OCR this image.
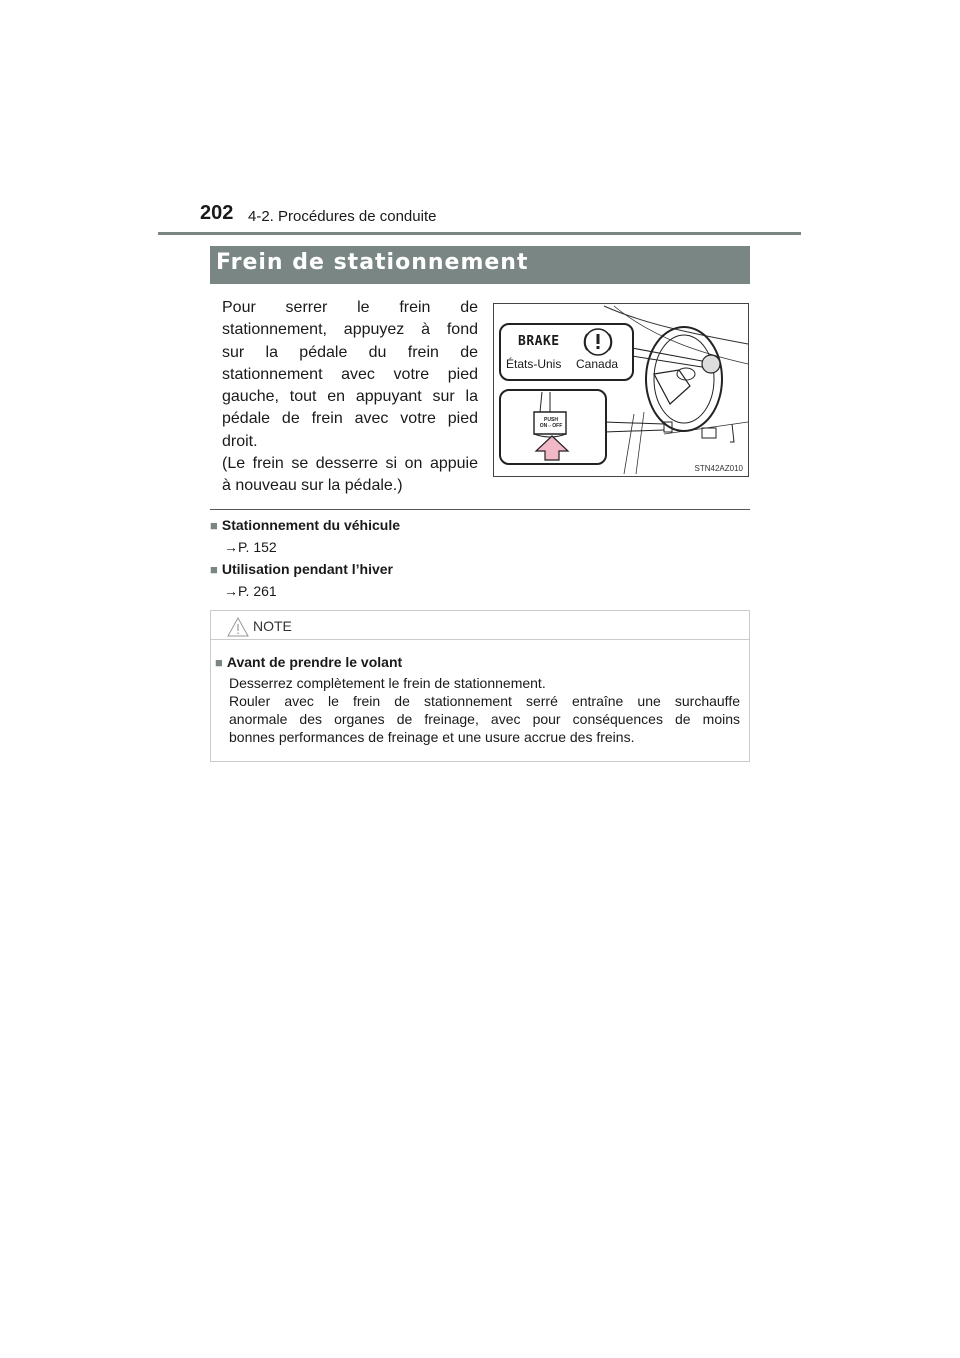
202 4-2. Procédures de conduite
Frein de stationnement

Pour serrer le frein de
stationnement, appuyez à fond
sur la pédale du frein de
stationnement avec votre pied
gauche, tout en appuyant sur la
pédale de frein avec votre pied
droit.
(Le frein se desserre si on appuie
à nouveau sur la pédale.)

BRAKE
États-Unis Canada
PUSH ON⇔OFF
STN42AZ010
■ Stationnement du véhicule
→P. 152
■ Utilisation pendant l’hiver
→P. 261
NOTE
■ Avant de prendre le volant
Desserrez complètement le frein de stationnement.
Rouler avec le frein de stationnement serré entraîne une surchauffe
anormale des organes de freinage, avec pour conséquences de moins
bonnes performances de freinage et une usure accrue des freins.
